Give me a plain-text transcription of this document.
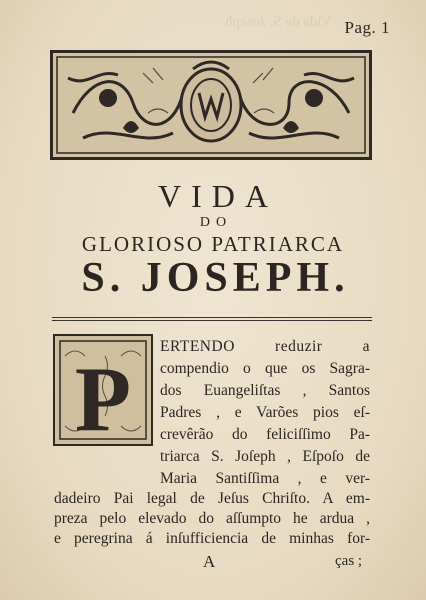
Vida de S. Joseph Pag. 1
VIDA
DO
GLORIOSO PATRIARCA
S. JOSEPH.
P
ERTENDO reduzir a
compendio o que os Sagra-
dos Euangeliſtas , Santos
Padres , e Varões pios eſ-
crevêrão do feliciſſimo Pa-
triarca S. Joſeph , Eſpoſo de
Maria Santiſſima , e ver-
dadeiro Pai legal de Jeſus Chriſto. A em-
preza pelo elevado do aſſumpto he ardua ,
e peregrina á inſufficiencia de minhas for-
A	ças ;
